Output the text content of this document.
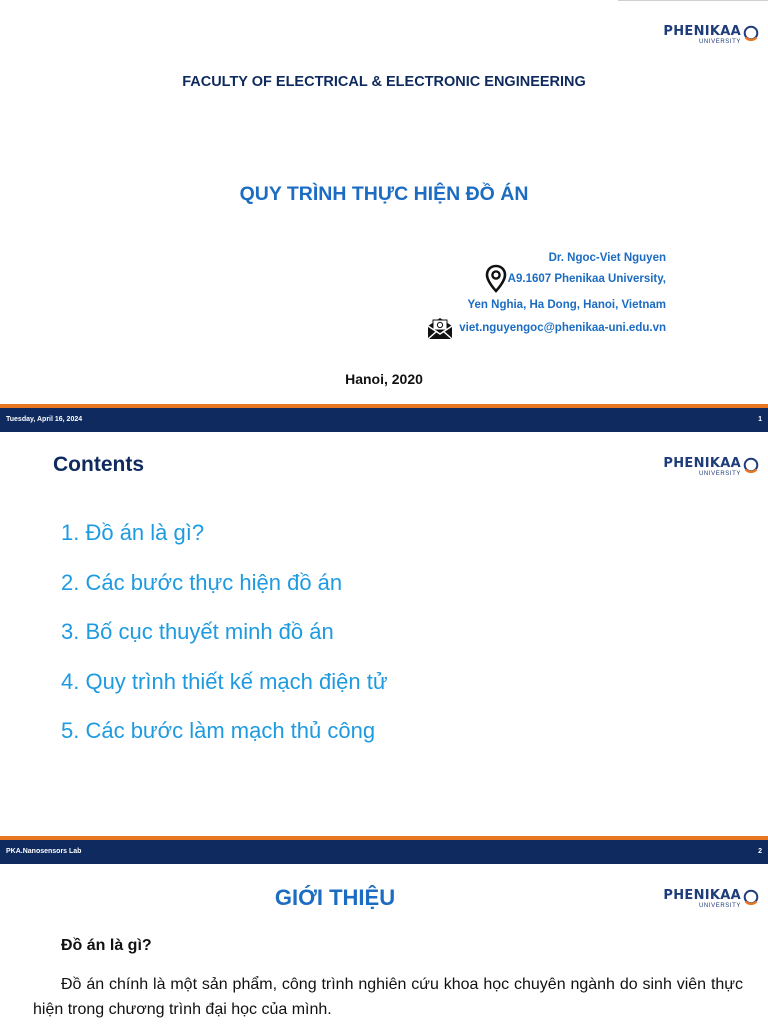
PHENIKAA
UNIVERSITY
FACULTY OF ELECTRICAL & ELECTRONIC ENGINEERING
QUY TRÌNH THỰC HIỆN ĐỒ ÁN
Dr. Ngoc-Viet Nguyen
A9.1607 Phenikaa University,
Yen Nghia, Ha Dong, Hanoi, Vietnam
viet.nguyengoc@phenikaa-uni.edu.vn
Hanoi, 2020
Tuesday, April 16, 2024	1
Contents	PHENIKAA
UNIVERSITY
1. Đồ án là gì?
2. Các bước thực hiện đồ án
3. Bố cục thuyết minh đồ án
4. Quy trình thiết kế mạch điện tử
5. Các bước làm mạch thủ công
PKA.Nanosensors Lab	2
GIỚI THIỆU	PHENIKAA
UNIVERSITY
Đồ án là gì?
Đồ án chính là một sản phẩm, công trình nghiên cứu khoa học chuyên ngành do sinh viên thực hiện trong chương trình đại học của mình.
